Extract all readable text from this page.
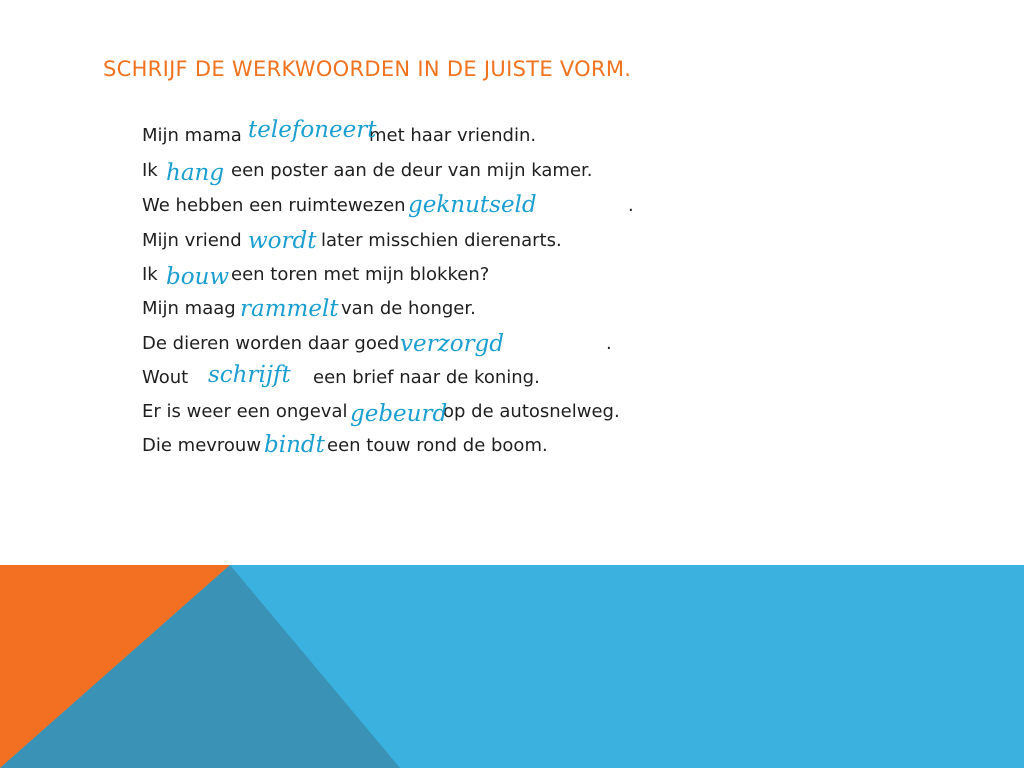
SCHRIJF DE WERKWOORDEN IN DE JUISTE VORM.
Mijn mama	met haar vriendin.
telefoneert
Ik	een poster aan de deur van mijn kamer.
hang
We hebben een ruimtewezen	.
geknutseld
Mijn vriend	later misschien dierenarts.
wordt
Ik	een toren met mijn blokken?
bouw
Mijn maag	van de honger.
rammelt
De dieren worden daar goed	.
verzorgd
Wout	een brief naar de koning.
schrijft
Er is weer een ongeval	op de autosnelweg.
gebeurd
Die mevrouw	een touw rond de boom.
bindt
